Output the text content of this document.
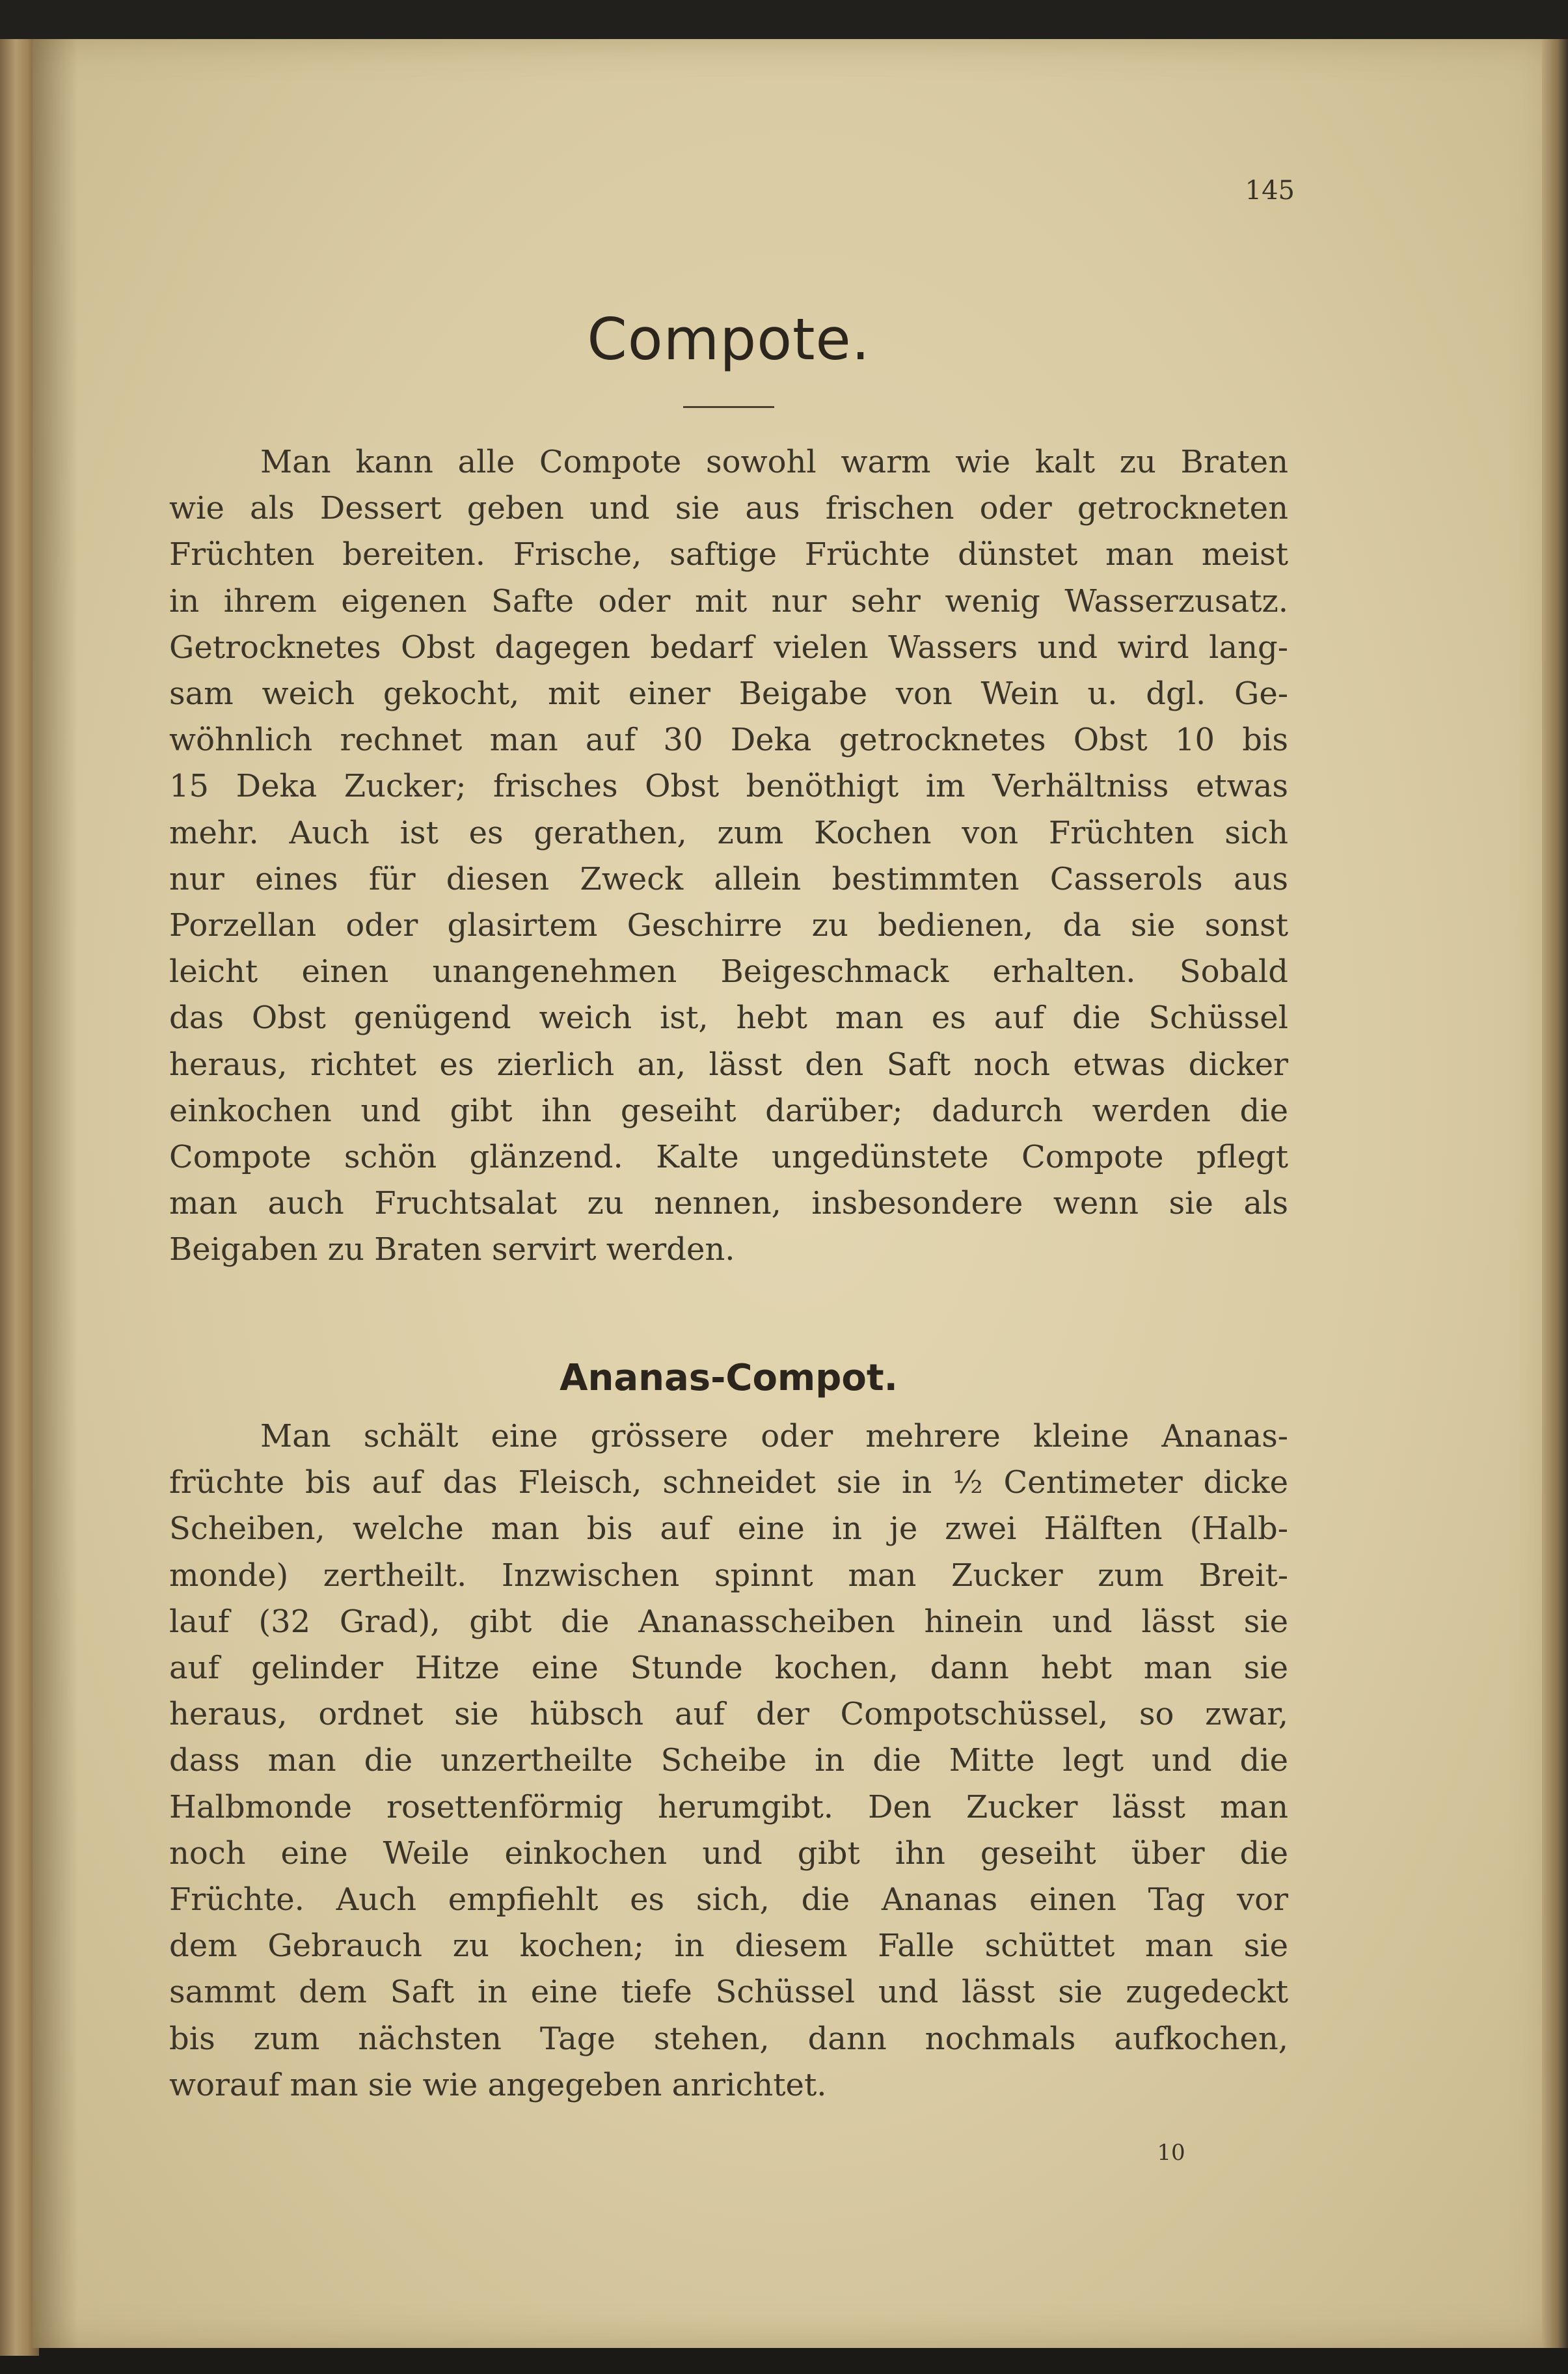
145
Compote.
Man kann alle Compote sowohl warm wie kalt zu Braten
wie als Dessert geben und sie aus frischen oder getrockneten
Früchten bereiten. Frische, saftige Früchte dünstet man meist
in ihrem eigenen Safte oder mit nur sehr wenig Wasserzusatz.
Getrocknetes Obst dagegen bedarf vielen Wassers und wird lang-
sam weich gekocht, mit einer Beigabe von Wein u. dgl. Ge-
wöhnlich rechnet man auf 30 Deka getrocknetes Obst 10 bis
15 Deka Zucker; frisches Obst benöthigt im Verhältniss etwas
mehr. Auch ist es gerathen, zum Kochen von Früchten sich
nur eines für diesen Zweck allein bestimmten Casserols aus
Porzellan oder glasirtem Geschirre zu bedienen, da sie sonst
leicht einen unangenehmen Beigeschmack erhalten. Sobald
das Obst genügend weich ist, hebt man es auf die Schüssel
heraus, richtet es zierlich an, lässt den Saft noch etwas dicker
einkochen und gibt ihn geseiht darüber; dadurch werden die
Compote schön glänzend. Kalte ungedünstete Compote pflegt
man auch Fruchtsalat zu nennen, insbesondere wenn sie als
Beigaben zu Braten servirt werden.
Ananas-Compot.
Man schält eine grössere oder mehrere kleine Ananas-
früchte bis auf das Fleisch, schneidet sie in ½ Centimeter dicke
Scheiben, welche man bis auf eine in je zwei Hälften (Halb-
monde) zertheilt. Inzwischen spinnt man Zucker zum Breit-
lauf (32 Grad), gibt die Ananasscheiben hinein und lässt sie
auf gelinder Hitze eine Stunde kochen, dann hebt man sie
heraus, ordnet sie hübsch auf der Compotschüssel, so zwar,
dass man die unzertheilte Scheibe in die Mitte legt und die
Halbmonde rosettenförmig herumgibt. Den Zucker lässt man
noch eine Weile einkochen und gibt ihn geseiht über die
Früchte. Auch empfiehlt es sich, die Ananas einen Tag vor
dem Gebrauch zu kochen; in diesem Falle schüttet man sie
sammt dem Saft in eine tiefe Schüssel und lässt sie zugedeckt
bis zum nächsten Tage stehen, dann nochmals aufkochen,
worauf man sie wie angegeben anrichtet.
10
